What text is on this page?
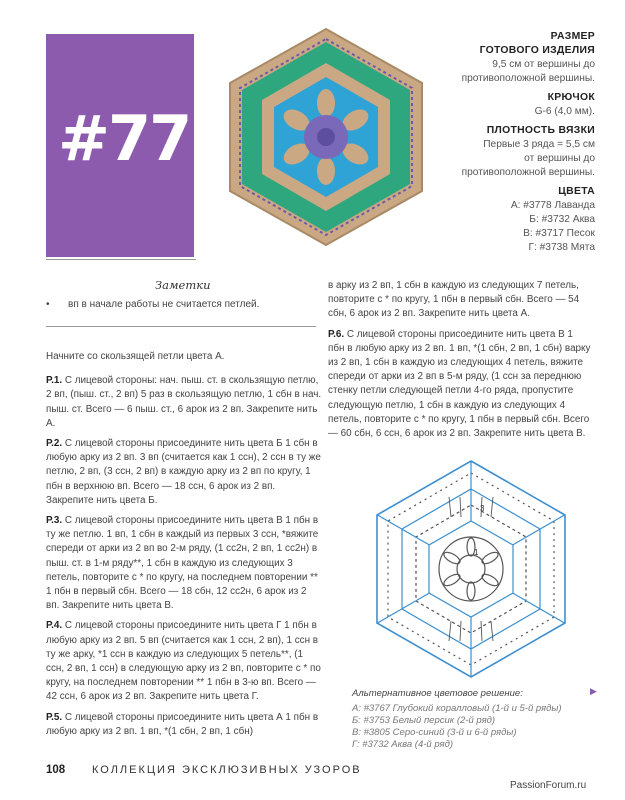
#77
РАЗМЕР
ГОТОВОГО ИЗДЕЛИЯ
9,5 см от вершины до
противоположной вершины.
КРЮЧОК
G-6 (4,0 мм).
ПЛОТНОСТЬ ВЯЗКИ
Первые 3 ряда = 5,5 см
от вершины до
противоположной вершины.
ЦВЕТА
А: #3778 Лаванда
Б: #3732 Аква
В: #3717 Песок
Г: #3738 Мята
Заметки
• вп в начале работы не считается петлей.

Начните со скользящей петли цвета А.

Р.1. С лицевой стороны: нач. пыш. ст. в скользящую петлю, 2 вп, (пыш. ст., 2 вп) 5 раз в скользящую петлю, 1 сбн в нач. пыш. ст. Всего — 6 пыш. ст., 6 арок из 2 вп. Закрепите нить А.

Р.2. С лицевой стороны присоедините нить цвета Б 1 сбн в любую арку из 2 вп. 3 вп (считается как 1 ссн), 2 ссн в ту же петлю, 2 вп, (3 ссн, 2 вп) в каждую арку из 2 вп по кругу, 1 пбн в верхнюю вп. Всего — 18 ссн, 6 арок из 2 вп. Закрепите нить цвета Б.

Р.3. С лицевой стороны присоедините нить цвета В 1 пбн в ту же петлю. 1 вп, 1 сбн в каждый из первых 3 ссн, *вяжите спереди от арки из 2 вп во 2-м ряду, (1 сс2н, 2 вп, 1 сс2н) в пыш. ст. в 1-м ряду**, 1 сбн в каждую из следующих 3 петель, повторите с * по кругу, на последнем повторении ** 1 пбн в первый сбн. Всего — 18 сбн, 12 сс2н, 6 арок из 2 вп. Закрепите нить цвета В.

Р.4. С лицевой стороны присоедините нить цвета Г 1 пбн в любую арку из 2 вп. 5 вп (считается как 1 ссн, 2 вп), 1 ссн в ту же арку, *1 ссн в каждую из следующих 5 петель**, (1 ссн, 2 вп, 1 ссн) в следующую арку из 2 вп, повторите с * по кругу, на последнем повторении ** 1 пбн в 3-ю вп. Всего — 42 ссн, 6 арок из 2 вп. Закрепите нить цвета Г.

Р.5. С лицевой стороны присоедините нить цвета А 1 пбн в любую арку из 2 вп. 1 вп, *(1 сбн, 2 вп, 1 сбн)

в арку из 2 вп, 1 сбн в каждую из следующих 7 петель, повторите с * по кругу, 1 пбн в первый сбн. Всего — 54 сбн, 6 арок из 2 вп. Закрепите нить цвета А.

Р.6. С лицевой стороны присоедините нить цвета В 1 пбн в любую арку из 2 вп. 1 вп, *(1 сбн, 2 вп, 1 сбн) варку из 2 вп, 1 сбн в каждую из следующих 4 петель, вяжите спереди от арки из 2 вп в 5-м ряду, (1 ссн за переднюю стенку петли следующей петли 4-го ряда, пропустите следующую петлю, 1 сбн в каждую из следующих 4 петель, повторите с * по кругу, 1 пбн в первый сбн. Всего — 60 сбн, 6 ссн, 6 арок из 2 вп. Закрепите нить цвета В.

1
3
▶
Альтернативное цветовое решение:
А: #3767 Глубокий коралловый (1-й и 5-й ряды)
Б: #3753 Белый персик (2-й ряд)
В: #3805 Серо-синий (3-й и 6-й ряды)
Г: #3732 Аква (4-й ряд)
108 КОЛЛЕКЦИЯ ЭКСКЛЮЗИВНЫХ УЗОРОВ
PassionForum.ru
